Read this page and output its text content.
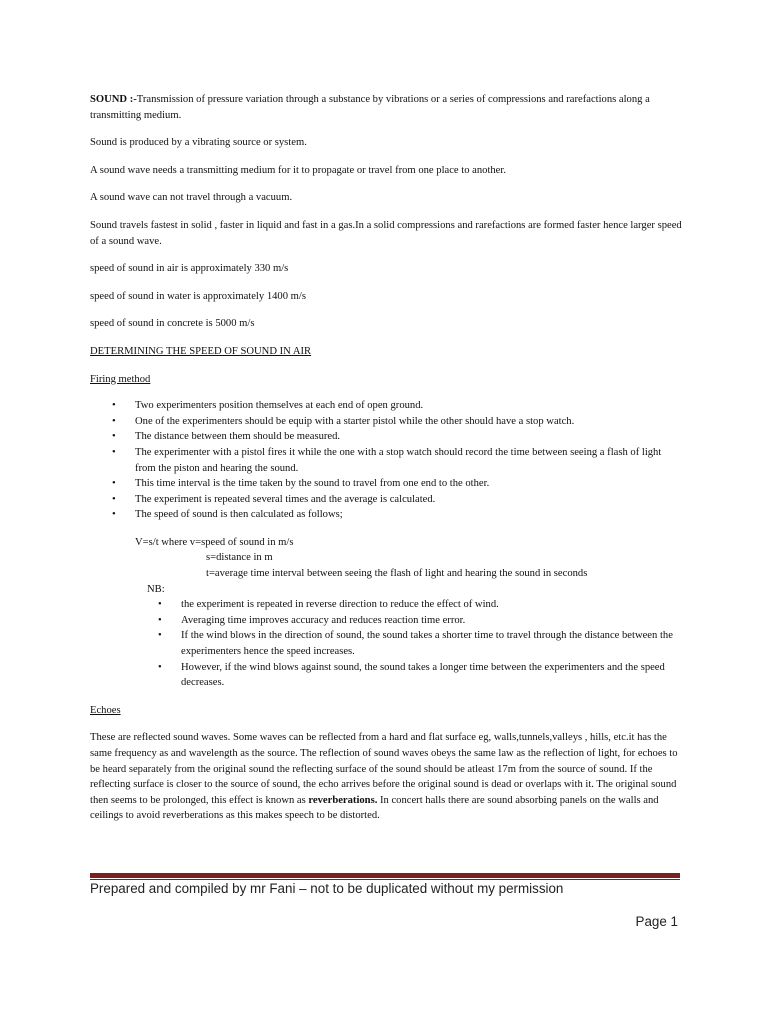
SOUND :-Transmission of pressure variation through a substance by vibrations or a series of compressions and rarefactions along a transmitting medium.

Sound is produced by a vibrating source or system.

A sound wave needs a transmitting medium for it to propagate or travel from one place to another.

A sound wave can not travel through a vacuum.

Sound travels fastest in solid , faster in liquid and fast in a gas.In a solid compressions and rarefactions are formed faster hence larger speed of a sound wave.

speed of sound in air is approximately 330 m/s

speed of sound in water is approximately 1400 m/s

speed of sound in concrete is 5000 m/s

DETERMINING THE SPEED OF SOUND IN AIR

Firing method

• Two experimenters position themselves at each end of open ground.
• One of the experimenters should be equip with a starter pistol while the other should have a stop watch.
• The distance between them should be measured.
• The experimenter with a pistol fires it while the one with a stop watch should record the time between seeing a flash of light from the piston and hearing the sound.
• This time interval is the time taken by the sound to travel from one end to the other.
• The experiment is repeated several times and the average is calculated.
• The speed of sound is then calculated as follows;
V=s/t where v=speed of sound in m/s
s=distance in m
t=average time interval between seeing the flash of light and hearing the sound in seconds
NB:
• the experiment is repeated in reverse direction to reduce the effect of wind.
• Averaging time improves accuracy and reduces reaction time error.
• If the wind blows in the direction of sound, the sound takes a shorter time to travel through the distance between the experimenters hence the speed increases.
• However, if the wind blows against sound, the sound takes a longer time between the experimenters and the speed decreases.

Echoes

These are reflected sound waves. Some waves can be reflected from a hard and flat surface eg, walls,tunnels,valleys , hills, etc.it has the same frequency as and wavelength as the source. The reflection of sound waves obeys the same law as the reflection of light, for echoes to be heard separately from the original sound the reflecting surface of the sound should be atleast 17m from the source of sound. If the reflecting surface is closer to the source of sound, the echo arrives before the original sound is dead or overlaps with it. The original sound then seems to be prolonged, this effect is known as reverberations. In concert halls there are sound absorbing panels on the walls and ceilings to avoid reverberations as this makes speech to be distorted.

Prepared and compiled by mr Fani – not to be duplicated without my permission
Page 1
